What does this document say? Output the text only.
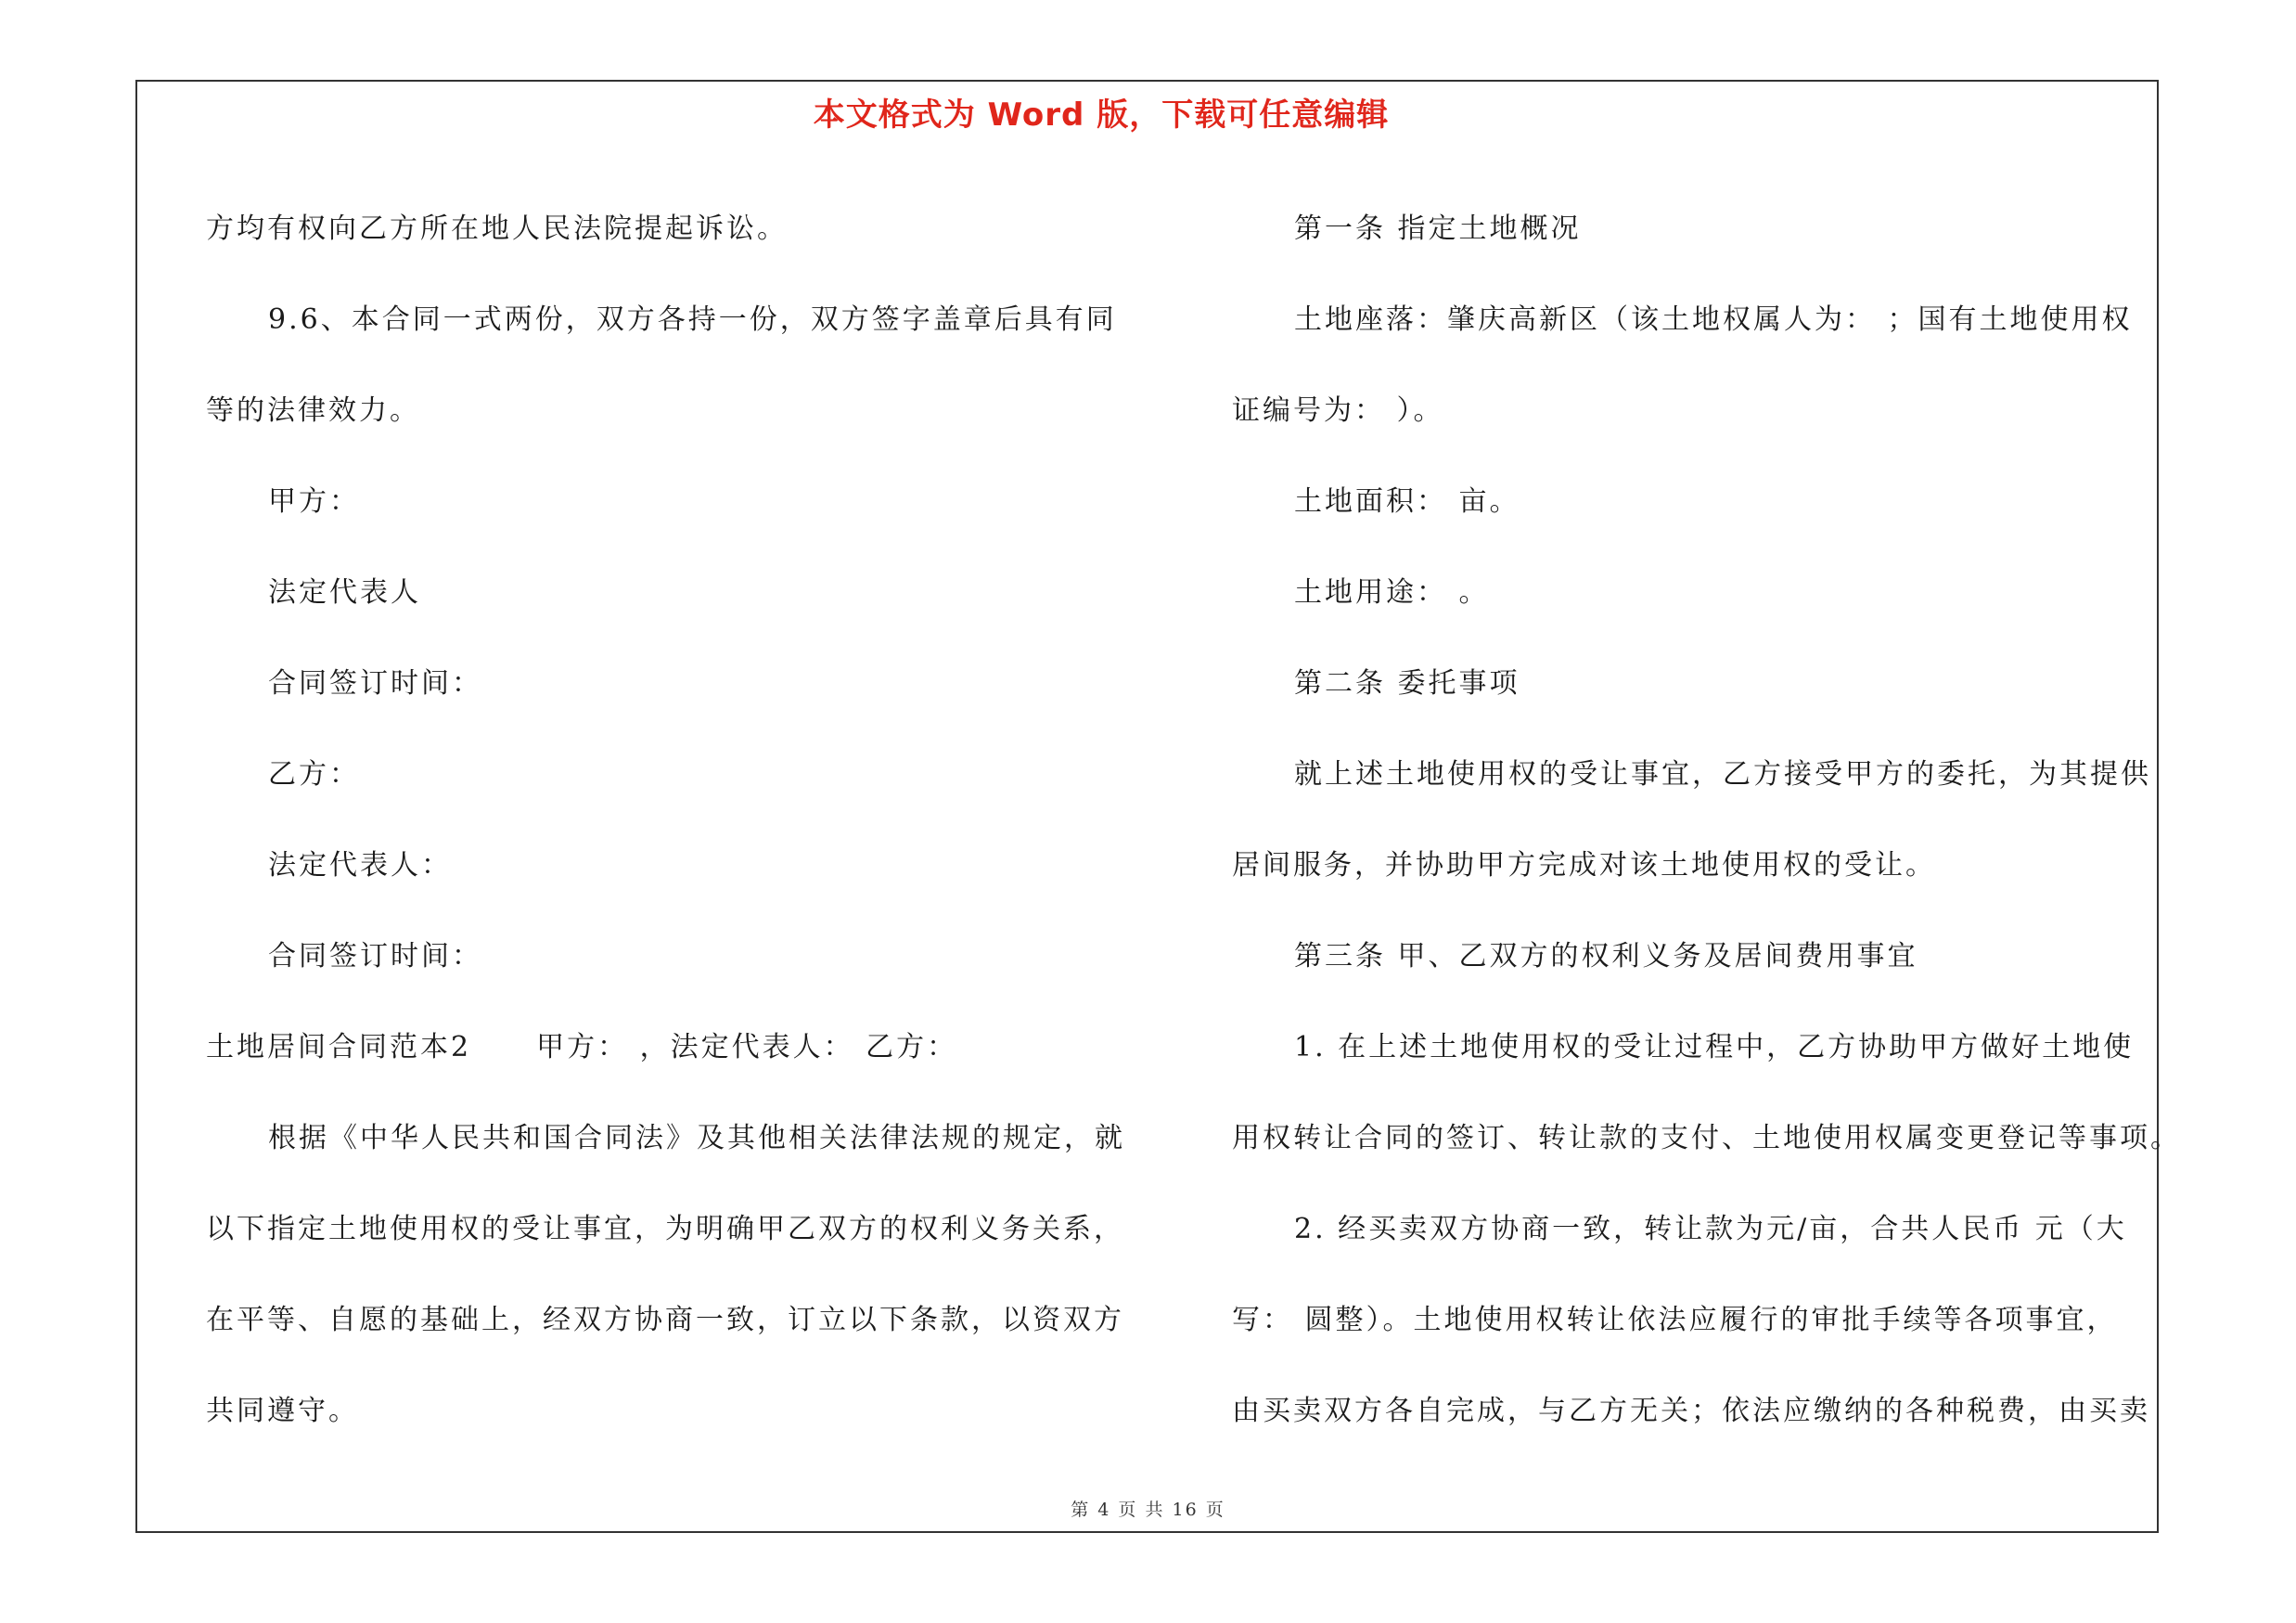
本文格式为 Word 版，下载可任意编辑

方均有权向乙方所在地人民法院提起诉讼。

9.6、本合同一式两份，双方各持一份，双方签字盖章后具有同

等的法律效力。

甲方：

法定代表人

合同签订时间：

乙方：

法定代表人：

合同签订时间：

土地居间合同范本2 甲方： ，法定代表人： 乙方：

根据《中华人民共和国合同法》及其他相关法律法规的规定，就

以下指定土地使用权的受让事宜，为明确甲乙双方的权利义务关系，

在平等、自愿的基础上，经双方协商一致，订立以下条款，以资双方

共同遵守。

第一条 指定土地概况

土地座落：肇庆高新区（该土地权属人为： ；国有土地使用权

证编号为： ）。

土地面积： 亩。

土地用途： 。

第二条 委托事项

就上述土地使用权的受让事宜，乙方接受甲方的委托，为其提供

居间服务，并协助甲方完成对该土地使用权的受让。

第三条 甲、乙双方的权利义务及居间费用事宜

1. 在上述土地使用权的受让过程中，乙方协助甲方做好土地使

用权转让合同的签订、转让款的支付、土地使用权属变更登记等事项。

2. 经买卖双方协商一致，转让款为元/亩，合共人民币 元（大

写： 圆整）。土地使用权转让依法应履行的审批手续等各项事宜，

由买卖双方各自完成，与乙方无关；依法应缴纳的各种税费，由买卖

第 4 页 共 16 页
